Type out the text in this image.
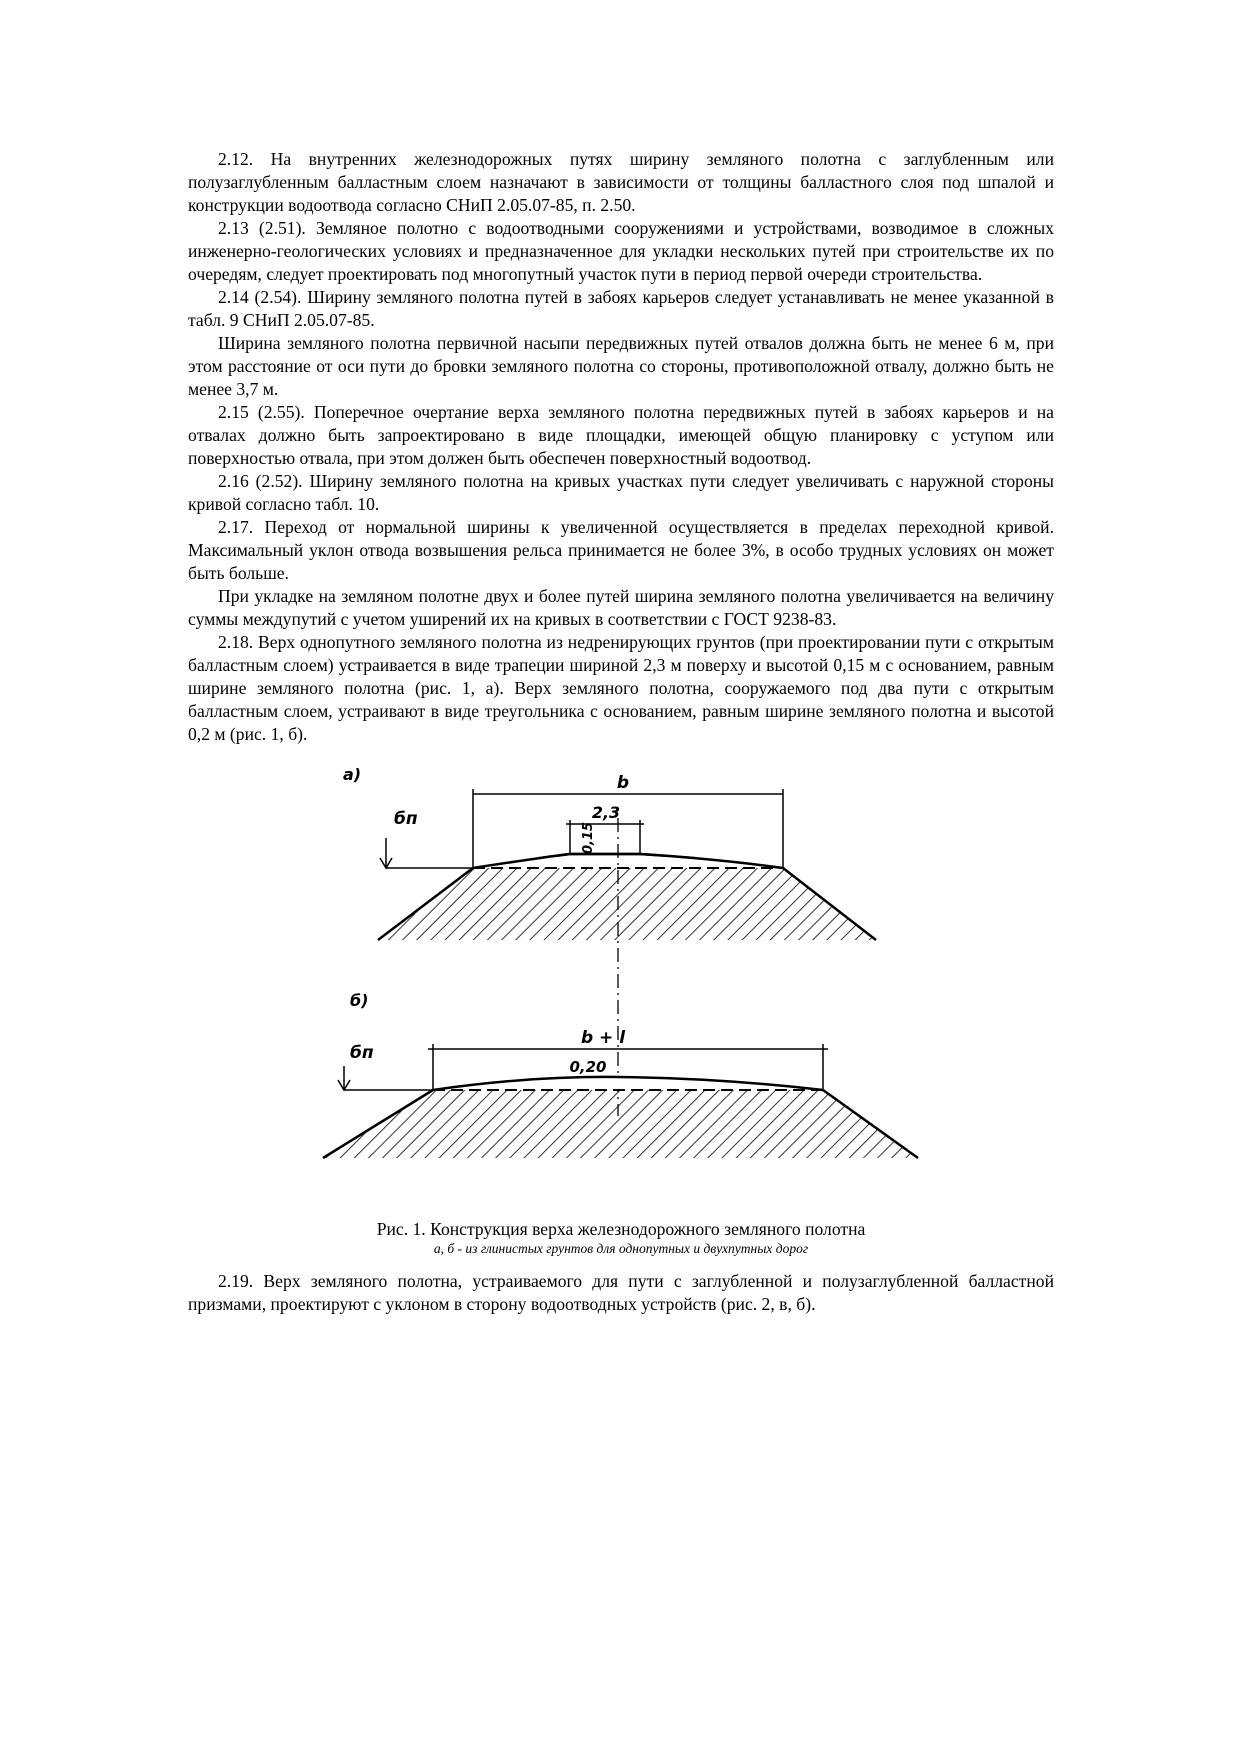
2.12. На внутренних железнодорожных путях ширину земляного полотна с заглубленным или полузаглубленным балластным слоем назначают в зависимости от толщины балластного слоя под шпалой и конструкции водоотвода согласно СНиП 2.05.07-85, п. 2.50.

2.13 (2.51). Земляное полотно с водоотводными сооружениями и устройствами, возводимое в сложных инженерно-геологических условиях и предназначенное для укладки нескольких путей при строительстве их по очередям, следует проектировать под многопутный участок пути в период первой очереди строительства.

2.14 (2.54). Ширину земляного полотна путей в забоях карьеров следует устанавливать не менее указанной в табл. 9 СНиП 2.05.07-85.

Ширина земляного полотна первичной насыпи передвижных путей отвалов должна быть не менее 6 м, при этом расстояние от оси пути до бровки земляного полотна со стороны, противоположной отвалу, должно быть не менее 3,7 м.

2.15 (2.55). Поперечное очертание верха земляного полотна передвижных путей в забоях карьеров и на отвалах должно быть запроектировано в виде площадки, имеющей общую планировку с уступом или поверхностью отвала, при этом должен быть обеспечен поверхностный водоотвод.

2.16 (2.52). Ширину земляного полотна на кривых участках пути следует увеличивать с наружной стороны кривой согласно табл. 10.

2.17. Переход от нормальной ширины к увеличенной осуществляется в пределах переходной кривой. Максимальный уклон отвода возвышения рельса принимается не более 3%, в особо трудных условиях он может быть больше.

При укладке на земляном полотне двух и более путей ширина земляного полотна увеличивается на величину суммы междупутий с учетом уширений их на кривых в соответствии с ГОСТ 9238-83.

2.18. Верх однопутного земляного полотна из недренирующих грунтов (при проектировании пути с открытым балластным слоем) устраивается в виде трапеции шириной 2,3 м поверху и высотой 0,15 м с основанием, равным ширине земляного полотна (рис. 1, а). Верх земляного полотна, сооружаемого под два пути с открытым балластным слоем, устраивают в виде треугольника с основанием, равным ширине земляного полотна и высотой 0,2 м (рис. 1, б).

а)	b
2,3
0,15
бп
б)
b + l
0,20
бп
Рис. 1. Конструкция верха железнодорожного земляного полотна
а, б - из глинистых грунтов для однопутных и двухпутных дорог

2.19. Верх земляного полотна, устраиваемого для пути с заглубленной и полузаглубленной балластной призмами, проектируют с уклоном в сторону водоотводных устройств (рис. 2, в, б).
